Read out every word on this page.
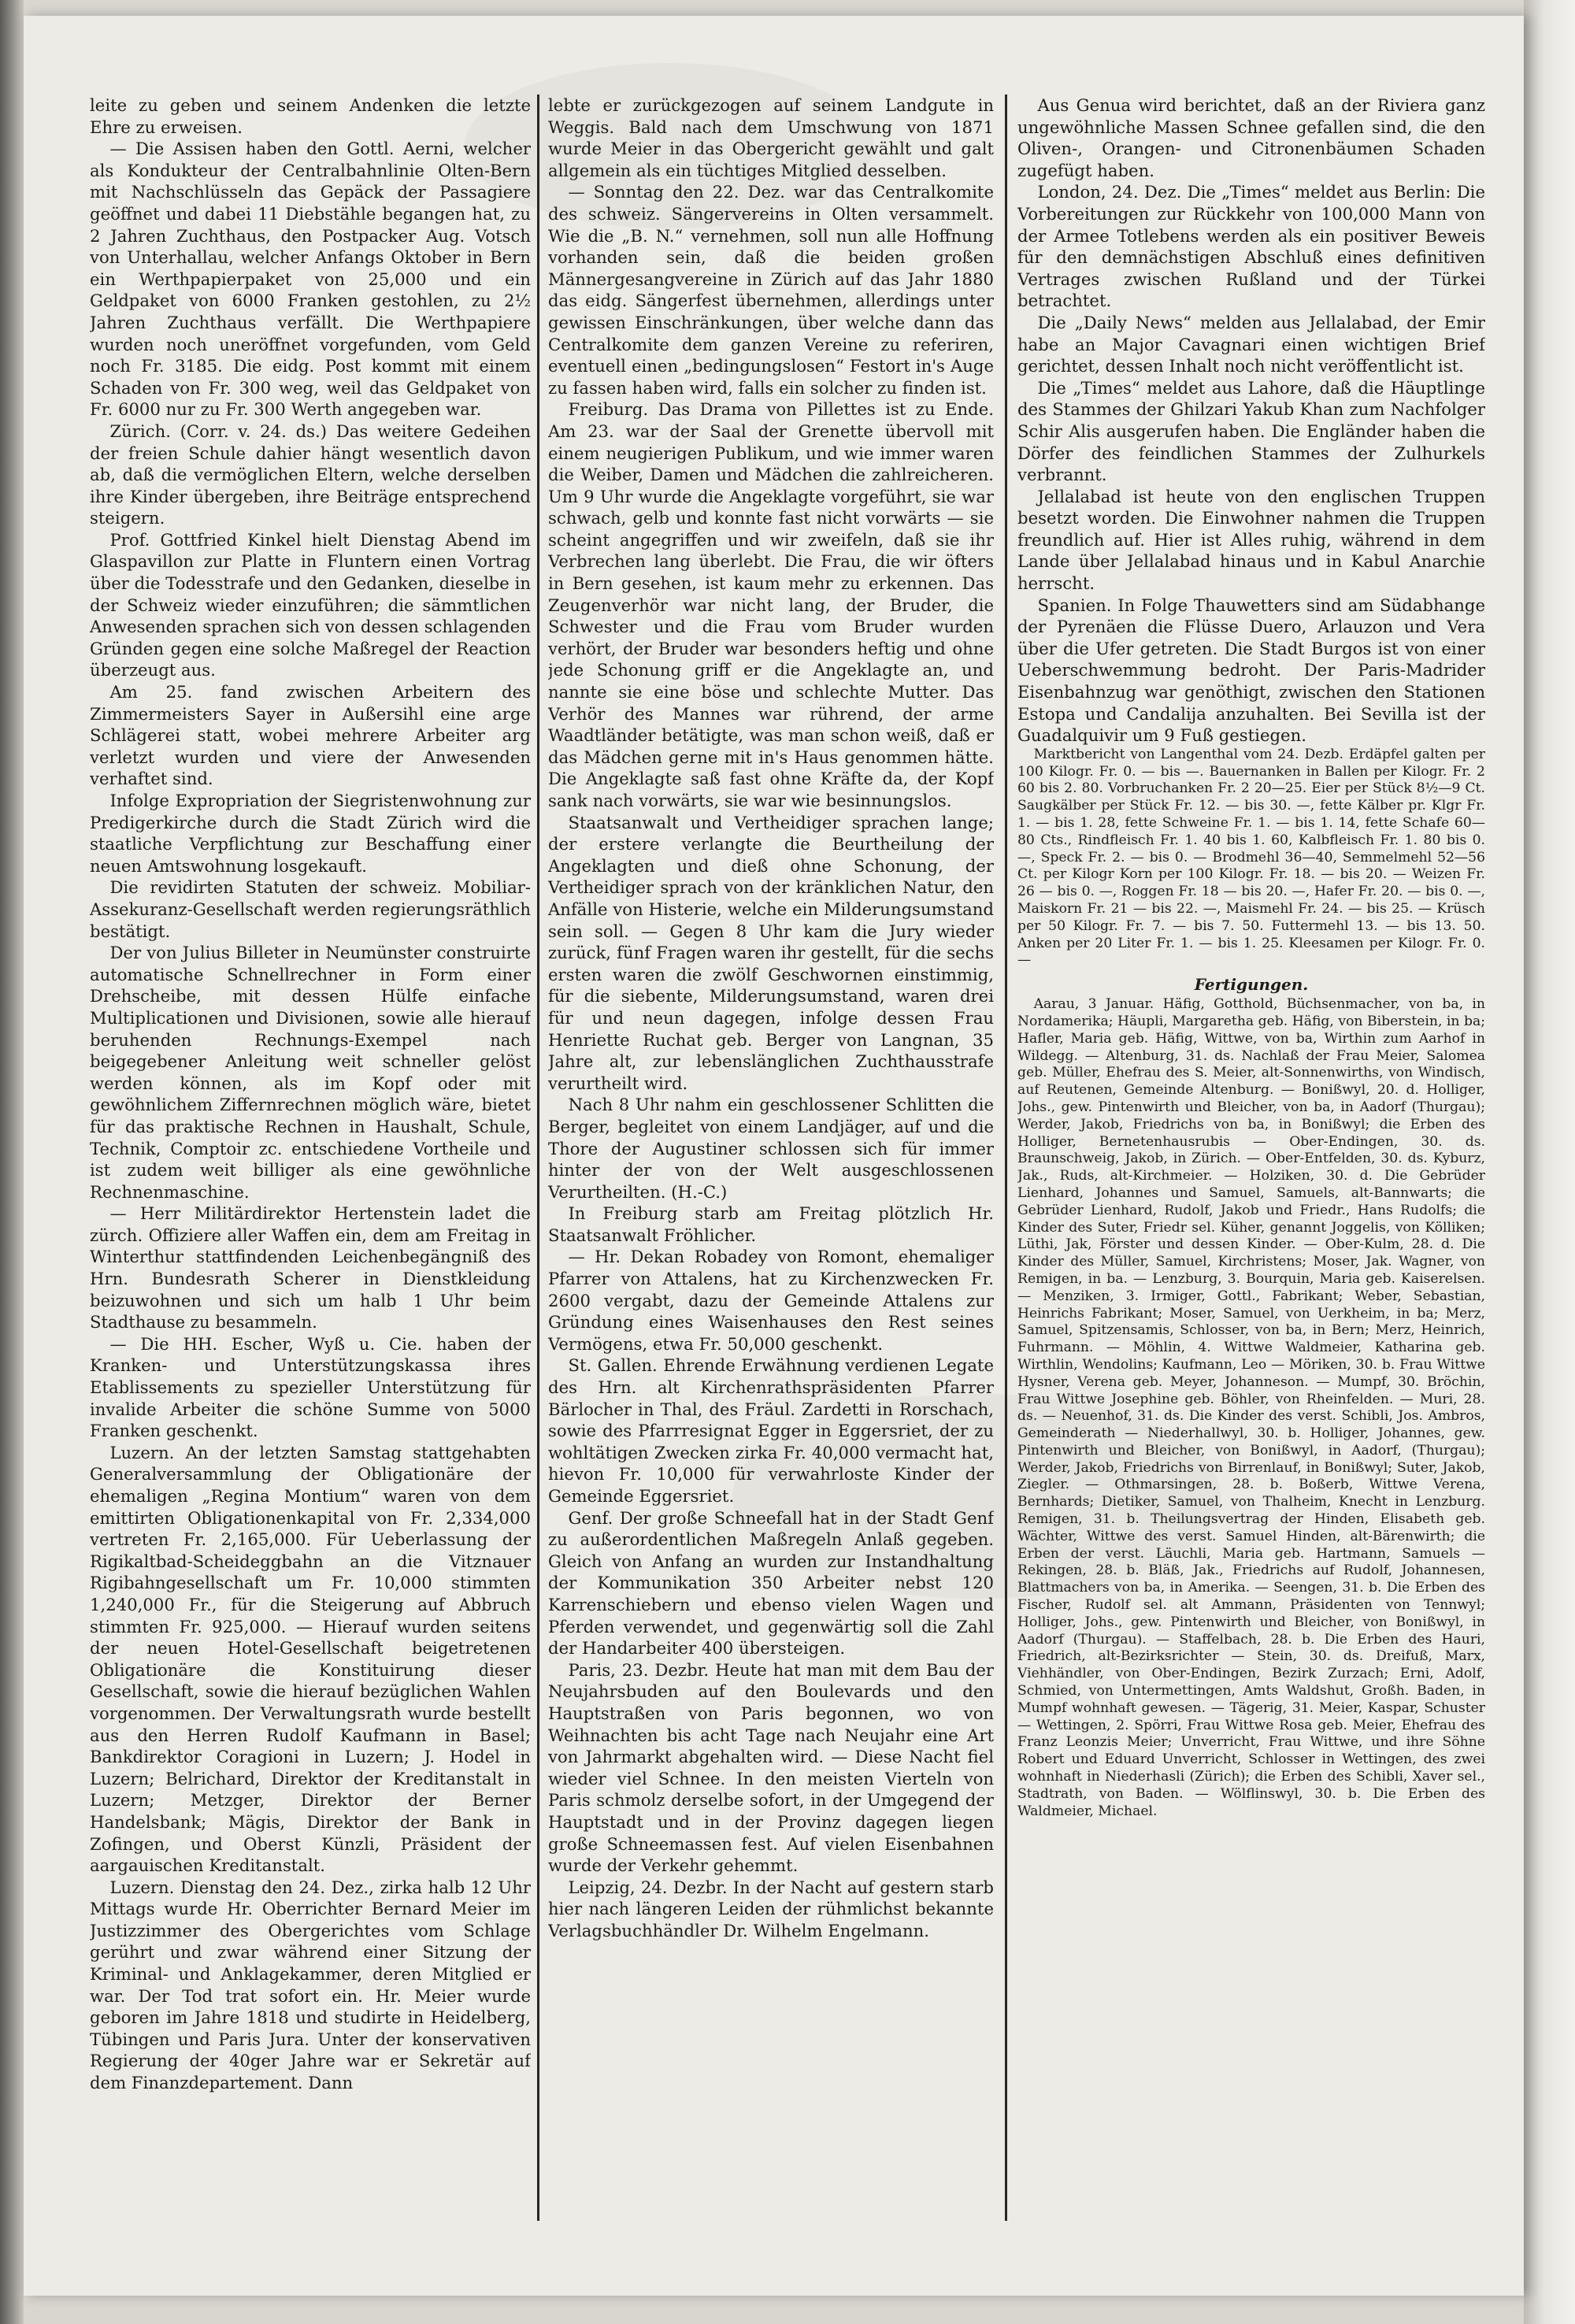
leite zu geben und seinem Andenken die letzte Ehre zu erweisen.

— Die Assisen haben den Gottl. Aerni, welcher als Kondukteur der Centralbahnlinie Olten-Bern mit Nachschlüsseln das Gepäck der Passagiere geöffnet und dabei 11 Diebstähle begangen hat, zu 2 Jahren Zuchthaus, den Postpacker Aug. Votsch von Unterhallau, welcher Anfangs Oktober in Bern ein Werthpapierpaket von 25,000 und ein Geldpaket von 6000 Franken gestohlen, zu 2½ Jahren Zuchthaus verfällt. Die Werthpapiere wurden noch uneröffnet vorgefunden, vom Geld noch Fr. 3185. Die eidg. Post kommt mit einem Schaden von Fr. 300 weg, weil das Geldpaket von Fr. 6000 nur zu Fr. 300 Werth angegeben war.

Zürich. (Corr. v. 24. ds.) Das weitere Gedeihen der freien Schule dahier hängt wesentlich davon ab, daß die vermöglichen Eltern, welche derselben ihre Kinder übergeben, ihre Beiträge entsprechend steigern.

Prof. Gottfried Kinkel hielt Dienstag Abend im Glaspavillon zur Platte in Fluntern einen Vortrag über die Todesstrafe und den Gedanken, dieselbe in der Schweiz wieder einzuführen; die sämmtlichen Anwesenden sprachen sich von dessen schlagenden Gründen gegen eine solche Maßregel der Reaction überzeugt aus.

Am 25. fand zwischen Arbeitern des Zimmermeisters Sayer in Außersihl eine arge Schlägerei statt, wobei mehrere Arbeiter arg verletzt wurden und viere der Anwesenden verhaftet sind.

Infolge Expropriation der Siegristenwohnung zur Predigerkirche durch die Stadt Zürich wird die staatliche Verpflichtung zur Beschaffung einer neuen Amtswohnung losgekauft.

Die revidirten Statuten der schweiz. Mobiliar-Assekuranz-Gesellschaft werden regierungsräthlich bestätigt.

Der von Julius Billeter in Neumünster construirte automatische Schnellrechner in Form einer Drehscheibe, mit dessen Hülfe einfache Multiplicationen und Divisionen, sowie alle hierauf beruhenden Rechnungs-Exempel nach beigegebener Anleitung weit schneller gelöst werden können, als im Kopf oder mit gewöhnlichem Ziffernrechnen möglich wäre, bietet für das praktische Rechnen in Haushalt, Schule, Technik, Comptoir zc. entschiedene Vortheile und ist zudem weit billiger als eine gewöhnliche Rechnenmaschine.

— Herr Militärdirektor Hertenstein ladet die zürch. Offiziere aller Waffen ein, dem am Freitag in Winterthur stattfindenden Leichenbegängniß des Hrn. Bundesrath Scherer in Dienstkleidung beizuwohnen und sich um halb 1 Uhr beim Stadthause zu besammeln.

— Die HH. Escher, Wyß u. Cie. haben der Kranken- und Unterstützungskassa ihres Etablissements zu spezieller Unterstützung für invalide Arbeiter die schöne Summe von 5000 Franken geschenkt.

Luzern. An der letzten Samstag stattgehabten Generalversammlung der Obligationäre der ehemaligen „Regina Montium“ waren von dem emittirten Obligationenkapital von Fr. 2,334,000 vertreten Fr. 2,165,000. Für Ueberlassung der Rigikaltbad-Scheideggbahn an die Vitznauer Rigibahngesellschaft um Fr. 10,000 stimmten 1,240,000 Fr., für die Steigerung auf Abbruch stimmten Fr. 925,000. — Hierauf wurden seitens der neuen Hotel-Gesellschaft beigetretenen Obligationäre die Konstituirung dieser Gesellschaft, sowie die hierauf bezüglichen Wahlen vorgenommen. Der Verwaltungsrath wurde bestellt aus den Herren Rudolf Kaufmann in Basel; Bankdirektor Coragioni in Luzern; J. Hodel in Luzern; Belrichard, Direktor der Kreditanstalt in Luzern; Metzger, Direktor der Berner Handelsbank; Mägis, Direktor der Bank in Zofingen, und Oberst Künzli, Präsident der aargauischen Kreditanstalt.

Luzern. Dienstag den 24. Dez., zirka halb 12 Uhr Mittags wurde Hr. Oberrichter Bernard Meier im Justizzimmer des Obergerichtes vom Schlage gerührt und zwar während einer Sitzung der Kriminal- und Anklagekammer, deren Mitglied er war. Der Tod trat sofort ein. Hr. Meier wurde geboren im Jahre 1818 und studirte in Heidelberg, Tübingen und Paris Jura. Unter der konservativen Regierung der 40ger Jahre war er Sekretär auf dem Finanzdepartement. Dann

lebte er zurückgezogen auf seinem Landgute in Weggis. Bald nach dem Umschwung von 1871 wurde Meier in das Obergericht gewählt und galt allgemein als ein tüchtiges Mitglied desselben.

— Sonntag den 22. Dez. war das Centralkomite des schweiz. Sängervereins in Olten versammelt. Wie die „B. N.“ vernehmen, soll nun alle Hoffnung vorhanden sein, daß die beiden großen Männergesangvereine in Zürich auf das Jahr 1880 das eidg. Sängerfest übernehmen, allerdings unter gewissen Einschränkungen, über welche dann das Centralkomite dem ganzen Vereine zu referiren, eventuell einen „bedingungslosen“ Festort in's Auge zu fassen haben wird, falls ein solcher zu finden ist.

Freiburg. Das Drama von Pillettes ist zu Ende. Am 23. war der Saal der Grenette übervoll mit einem neugierigen Publikum, und wie immer waren die Weiber, Damen und Mädchen die zahlreicheren. Um 9 Uhr wurde die Angeklagte vorgeführt, sie war schwach, gelb und konnte fast nicht vorwärts — sie scheint angegriffen und wir zweifeln, daß sie ihr Verbrechen lang überlebt. Die Frau, die wir öfters in Bern gesehen, ist kaum mehr zu erkennen. Das Zeugenverhör war nicht lang, der Bruder, die Schwester und die Frau vom Bruder wurden verhört, der Bruder war besonders heftig und ohne jede Schonung griff er die Angeklagte an, und nannte sie eine böse und schlechte Mutter. Das Verhör des Mannes war rührend, der arme Waadtländer betätigte, was man schon weiß, daß er das Mädchen gerne mit in's Haus genommen hätte. Die Angeklagte saß fast ohne Kräfte da, der Kopf sank nach vorwärts, sie war wie besinnungslos.

Staatsanwalt und Vertheidiger sprachen lange; der erstere verlangte die Beurtheilung der Angeklagten und dieß ohne Schonung, der Vertheidiger sprach von der kränklichen Natur, den Anfälle von Histerie, welche ein Milderungsumstand sein soll. — Gegen 8 Uhr kam die Jury wieder zurück, fünf Fragen waren ihr gestellt, für die sechs ersten waren die zwölf Geschwornen einstimmig, für die siebente, Milderungsumstand, waren drei für und neun dagegen, infolge dessen Frau Henriette Ruchat geb. Berger von Langnan, 35 Jahre alt, zur lebenslänglichen Zuchthausstrafe verurtheilt wird.

Nach 8 Uhr nahm ein geschlossener Schlitten die Berger, begleitet von einem Landjäger, auf und die Thore der Augustiner schlossen sich für immer hinter der von der Welt ausgeschlossenen Verurtheilten. (H.-C.)

In Freiburg starb am Freitag plötzlich Hr. Staatsanwalt Fröhlicher.

— Hr. Dekan Robadey von Romont, ehemaliger Pfarrer von Attalens, hat zu Kirchenzwecken Fr. 2600 vergabt, dazu der Gemeinde Attalens zur Gründung eines Waisenhauses den Rest seines Vermögens, etwa Fr. 50,000 geschenkt.

St. Gallen. Ehrende Erwähnung verdienen Legate des Hrn. alt Kirchenrathspräsidenten Pfarrer Bärlocher in Thal, des Fräul. Zardetti in Rorschach, sowie des Pfarrresignat Egger in Eggersriet, der zu wohltätigen Zwecken zirka Fr. 40,000 vermacht hat, hievon Fr. 10,000 für verwahrloste Kinder der Gemeinde Eggersriet.

Genf. Der große Schneefall hat in der Stadt Genf zu außerordentlichen Maßregeln Anlaß gegeben. Gleich von Anfang an wurden zur Instandhaltung der Kommunikation 350 Arbeiter nebst 120 Karrenschiebern und ebenso vielen Wagen und Pferden verwendet, und gegenwärtig soll die Zahl der Handarbeiter 400 übersteigen.

Paris, 23. Dezbr. Heute hat man mit dem Bau der Neujahrsbuden auf den Boulevards und den Hauptstraßen von Paris begonnen, wo von Weihnachten bis acht Tage nach Neujahr eine Art von Jahrmarkt abgehalten wird. — Diese Nacht fiel wieder viel Schnee. In den meisten Vierteln von Paris schmolz derselbe sofort, in der Umgegend der Hauptstadt und in der Provinz dagegen liegen große Schneemassen fest. Auf vielen Eisenbahnen wurde der Verkehr gehemmt.

Leipzig, 24. Dezbr. In der Nacht auf gestern starb hier nach längeren Leiden der rühmlichst bekannte Verlagsbuchhändler Dr. Wilhelm Engelmann.

Aus Genua wird berichtet, daß an der Riviera ganz ungewöhnliche Massen Schnee gefallen sind, die den Oliven-, Orangen- und Citronenbäumen Schaden zugefügt haben.

London, 24. Dez. Die „Times“ meldet aus Berlin: Die Vorbereitungen zur Rückkehr von 100,000 Mann von der Armee Totlebens werden als ein positiver Beweis für den demnächstigen Abschluß eines definitiven Vertrages zwischen Rußland und der Türkei betrachtet.

Die „Daily News“ melden aus Jellalabad, der Emir habe an Major Cavagnari einen wichtigen Brief gerichtet, dessen Inhalt noch nicht veröffentlicht ist.

Die „Times“ meldet aus Lahore, daß die Häuptlinge des Stammes der Ghilzari Yakub Khan zum Nachfolger Schir Alis ausgerufen haben. Die Engländer haben die Dörfer des feindlichen Stammes der Zulhurkels verbrannt.

Jellalabad ist heute von den englischen Truppen besetzt worden. Die Einwohner nahmen die Truppen freundlich auf. Hier ist Alles ruhig, während in dem Lande über Jellalabad hinaus und in Kabul Anarchie herrscht.

Spanien. In Folge Thauwetters sind am Südabhange der Pyrenäen die Flüsse Duero, Arlauzon und Vera über die Ufer getreten. Die Stadt Burgos ist von einer Ueberschwemmung bedroht. Der Paris-Madrider Eisenbahnzug war genöthigt, zwischen den Stationen Estopa und Candalija anzuhalten. Bei Sevilla ist der Guadalquivir um 9 Fuß gestiegen.

Marktbericht von Langenthal vom 24. Dezb. Erdäpfel galten per 100 Kilogr. Fr. 0. — bis —. Bauernanken in Ballen per Kilogr. Fr. 2 60 bis 2. 80. Vorbruchanken Fr. 2 20—25. Eier per Stück 8½—9 Ct. Saugkälber per Stück Fr. 12. — bis 30. —, fette Kälber pr. Klgr Fr. 1. — bis 1. 28, fette Schweine Fr. 1. — bis 1. 14, fette Schafe 60—80 Cts., Rindfleisch Fr. 1. 40 bis 1. 60, Kalbfleisch Fr. 1. 80 bis 0. —, Speck Fr. 2. — bis 0. — Brodmehl 36—40, Semmelmehl 52—56 Ct. per Kilogr Korn per 100 Kilogr. Fr. 18. — bis 20. — Weizen Fr. 26 — bis 0. —, Roggen Fr. 18 — bis 20. —, Hafer Fr. 20. — bis 0. —, Maiskorn Fr. 21 — bis 22. —, Maismehl Fr. 24. — bis 25. — Krüsch per 50 Kilogr. Fr. 7. — bis 7. 50. Futtermehl 13. — bis 13. 50. Anken per 20 Liter Fr. 1. — bis 1. 25. Kleesamen per Kilogr. Fr. 0. —

Fertigungen.

Aarau, 3 Januar. Häfig, Gotthold, Büchsenmacher, von ba, in Nordamerika; Häupli, Margaretha geb. Häfig, von Biberstein, in ba; Hafler, Maria geb. Häfig, Wittwe, von ba, Wirthin zum Aarhof in Wildegg. — Altenburg, 31. ds. Nachlaß der Frau Meier, Salomea geb. Müller, Ehefrau des S. Meier, alt-Sonnenwirths, von Windisch, auf Reutenen, Gemeinde Altenburg. — Bonißwyl, 20. d. Holliger, Johs., gew. Pintenwirth und Bleicher, von ba, in Aadorf (Thurgau); Werder, Jakob, Friedrichs von ba, in Bonißwyl; die Erben des Holliger, Bernetenhausrubis — Ober-Endingen, 30. ds. Braunschweig, Jakob, in Zürich. — Ober-Entfelden, 30. ds. Kyburz, Jak., Ruds, alt-Kirchmeier. — Holziken, 30. d. Die Gebrüder Lienhard, Johannes und Samuel, Samuels, alt-Bannwarts; die Gebrüder Lienhard, Rudolf, Jakob und Friedr., Hans Rudolfs; die Kinder des Suter, Friedr sel. Küher, genannt Joggelis, von Kölliken; Lüthi, Jak, Förster und dessen Kinder. — Ober-Kulm, 28. d. Die Kinder des Müller, Samuel, Kirchristens; Moser, Jak. Wagner, von Remigen, in ba. — Lenzburg, 3. Bourquin, Maria geb. Kaiserelsen. — Menziken, 3. Irmiger, Gottl., Fabrikant; Weber, Sebastian, Heinrichs Fabrikant; Moser, Samuel, von Uerkheim, in ba; Merz, Samuel, Spitzensamis, Schlosser, von ba, in Bern; Merz, Heinrich, Fuhrmann. — Möhlin, 4. Wittwe Waldmeier, Katharina geb. Wirthlin, Wendolins; Kaufmann, Leo — Möriken, 30. b. Frau Wittwe Hysner, Verena geb. Meyer, Johanneson. — Mumpf, 30. Bröchin, Frau Wittwe Josephine geb. Böhler, von Rheinfelden. — Muri, 28. ds. — Neuenhof, 31. ds. Die Kinder des verst. Schibli, Jos. Ambros, Gemeinderath — Niederhallwyl, 30. b. Holliger, Johannes, gew. Pintenwirth und Bleicher, von Bonißwyl, in Aadorf, (Thurgau); Werder, Jakob, Friedrichs von Birrenlauf, in Bonißwyl; Suter, Jakob, Ziegler. — Othmarsingen, 28. b. Boßerb, Wittwe Verena, Bernhards; Dietiker, Samuel, von Thalheim, Knecht in Lenzburg. Remigen, 31. b. Theilungsvertrag der Hinden, Elisabeth geb. Wächter, Wittwe des verst. Samuel Hinden, alt-Bärenwirth; die Erben der verst. Läuchli, Maria geb. Hartmann, Samuels — Rekingen, 28. b. Bläß, Jak., Friedrichs auf Rudolf, Johannesen, Blattmachers von ba, in Amerika. — Seengen, 31. b. Die Erben des Fischer, Rudolf sel. alt Ammann, Präsidenten von Tennwyl; Holliger, Johs., gew. Pintenwirth und Bleicher, von Bonißwyl, in Aadorf (Thurgau). — Staffelbach, 28. b. Die Erben des Hauri, Friedrich, alt-Bezirksrichter — Stein, 30. ds. Dreifuß, Marx, Viehhändler, von Ober-Endingen, Bezirk Zurzach; Erni, Adolf, Schmied, von Untermettingen, Amts Waldshut, Großh. Baden, in Mumpf wohnhaft gewesen. — Tägerig, 31. Meier, Kaspar, Schuster — Wettingen, 2. Spörri, Frau Wittwe Rosa geb. Meier, Ehefrau des Franz Leonzis Meier; Unverricht, Frau Wittwe, und ihre Söhne Robert und Eduard Unverricht, Schlosser in Wettingen, des zwei wohnhaft in Niederhasli (Zürich); die Erben des Schibli, Xaver sel., Stadtrath, von Baden. — Wölflinswyl, 30. b. Die Erben des Waldmeier, Michael.
